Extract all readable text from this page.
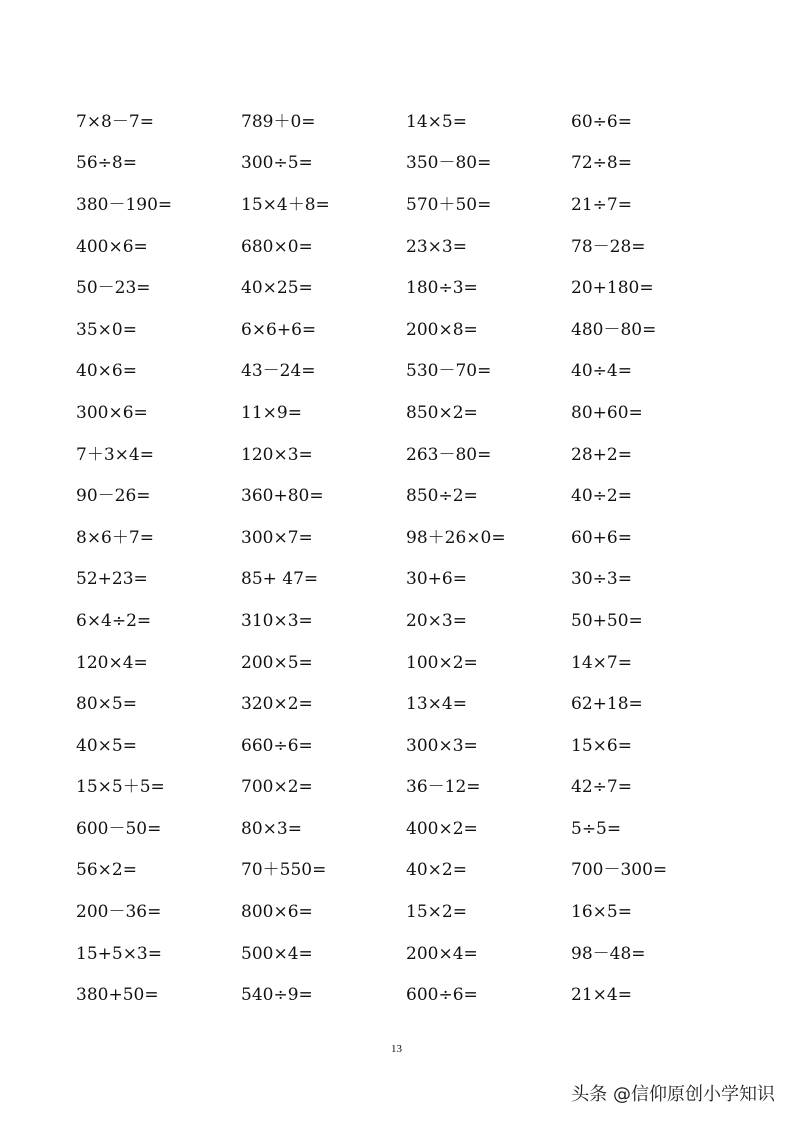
7×8－7=	789＋0=	14×5=	60÷6=
56÷8=	300÷5=	350－80=	72÷8=
380－190=	15×4＋8=	570＋50=	21÷7=
400×6=	680×0=	23×3=	78－28=
50－23=	40×25=	180÷3=	20+180=
35×0=	6×6+6=	200×8=	480－80=
40×6=	43－24=	530－70=	40÷4=
300×6=	11×9=	850×2=	80+60=
7＋3×4=	120×3=	263－80=	28+2=
90－26=	360+80=	850÷2=	40÷2=
8×6＋7=	300×7=	98＋26×0=	60+6=
52+23=	85+ 47=	30+6=	30÷3=
6×4÷2=	310×3=	20×3=	50+50=
120×4=	200×5=	100×2=	14×7=
80×5=	320×2=	13×4=	62+18=
40×5=	660÷6=	300×3=	15×6=
15×5＋5=	700×2=	36－12=	42÷7=
600－50=	80×3=	400×2=	5÷5=
56×2=	70＋550=	40×2=	700－300=
200－36=	800×6=	15×2=	16×5=
15+5×3=	500×4=	200×4=	98－48=
380+50=	540÷9=	600÷6=	21×4=
13
头条 @信仰原创小学知识
